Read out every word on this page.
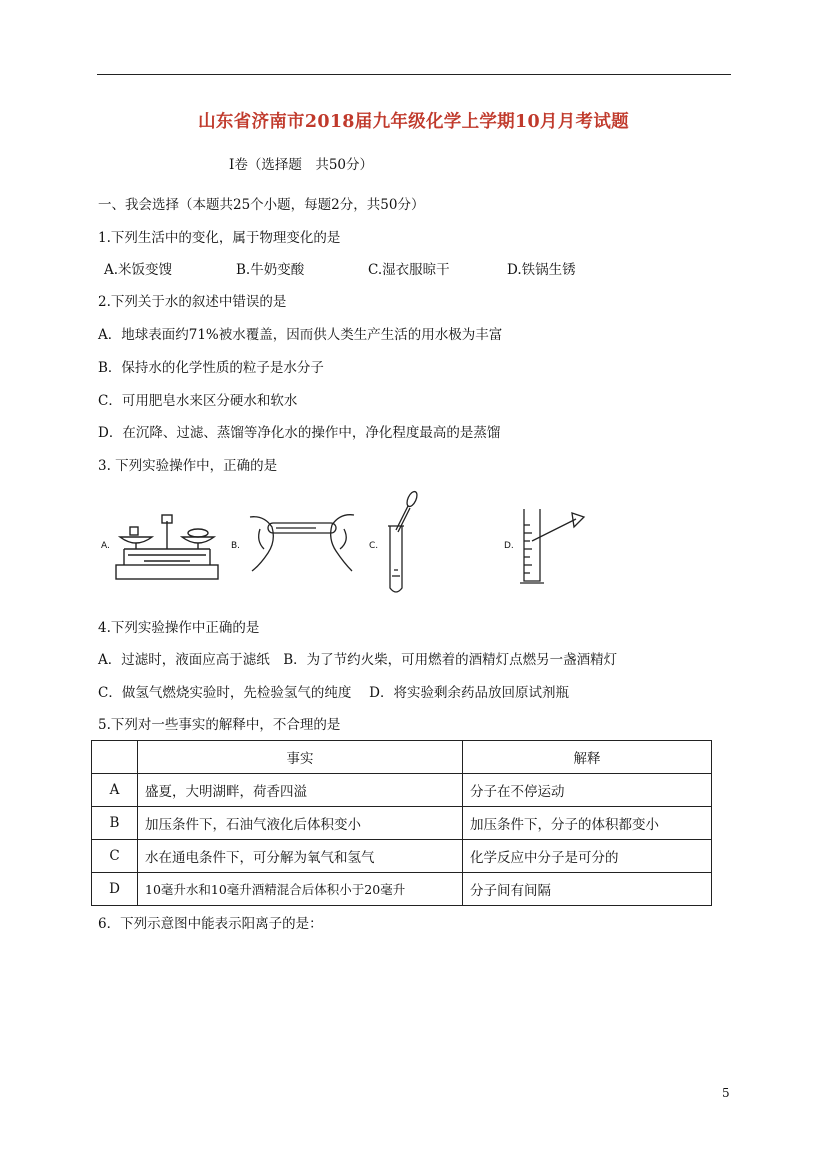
山东省济南市2018届九年级化学上学期10月月考试题
I卷（选择题　共50分）
一、我会选择（本题共25个小题，每题2分，共50分）
1.下列生活中的变化，属于物理变化的是
A.米饭变馊	B.牛奶变酸	C.湿衣服晾干	D.铁锅生锈
2.下列关于水的叙述中错误的是
A．地球表面约71%被水覆盖，因而供人类生产生活的用水极为丰富
B．保持水的化学性质的粒子是水分子
C．可用肥皂水来区分硬水和软水
D．在沉降、过滤、蒸馏等净化水的操作中，净化程度最高的是蒸馏
3. 下列实验操作中，正确的是
A.	B.	C.	D.
4.下列实验操作中正确的是
A．过滤时，液面应高于滤纸　B．为了节约火柴，可用燃着的酒精灯点燃另一盏酒精灯
C．做氢气燃烧实验时，先检验氢气的纯度　 D．将实验剩余药品放回原试剂瓶
5.下列对一些事实的解释中，不合理的是
	事实	解释
A	盛夏，大明湖畔，荷香四溢	分子在不停运动
B	加压条件下，石油气液化后体积变小	加压条件下，分子的体积都变小
C	水在通电条件下，可分解为氧气和氢气	化学反应中分子是可分的
D	10毫升水和10毫升酒精混合后体积小于20毫升	分子间有间隔
6．下列示意图中能表示阳离子的是：
5
